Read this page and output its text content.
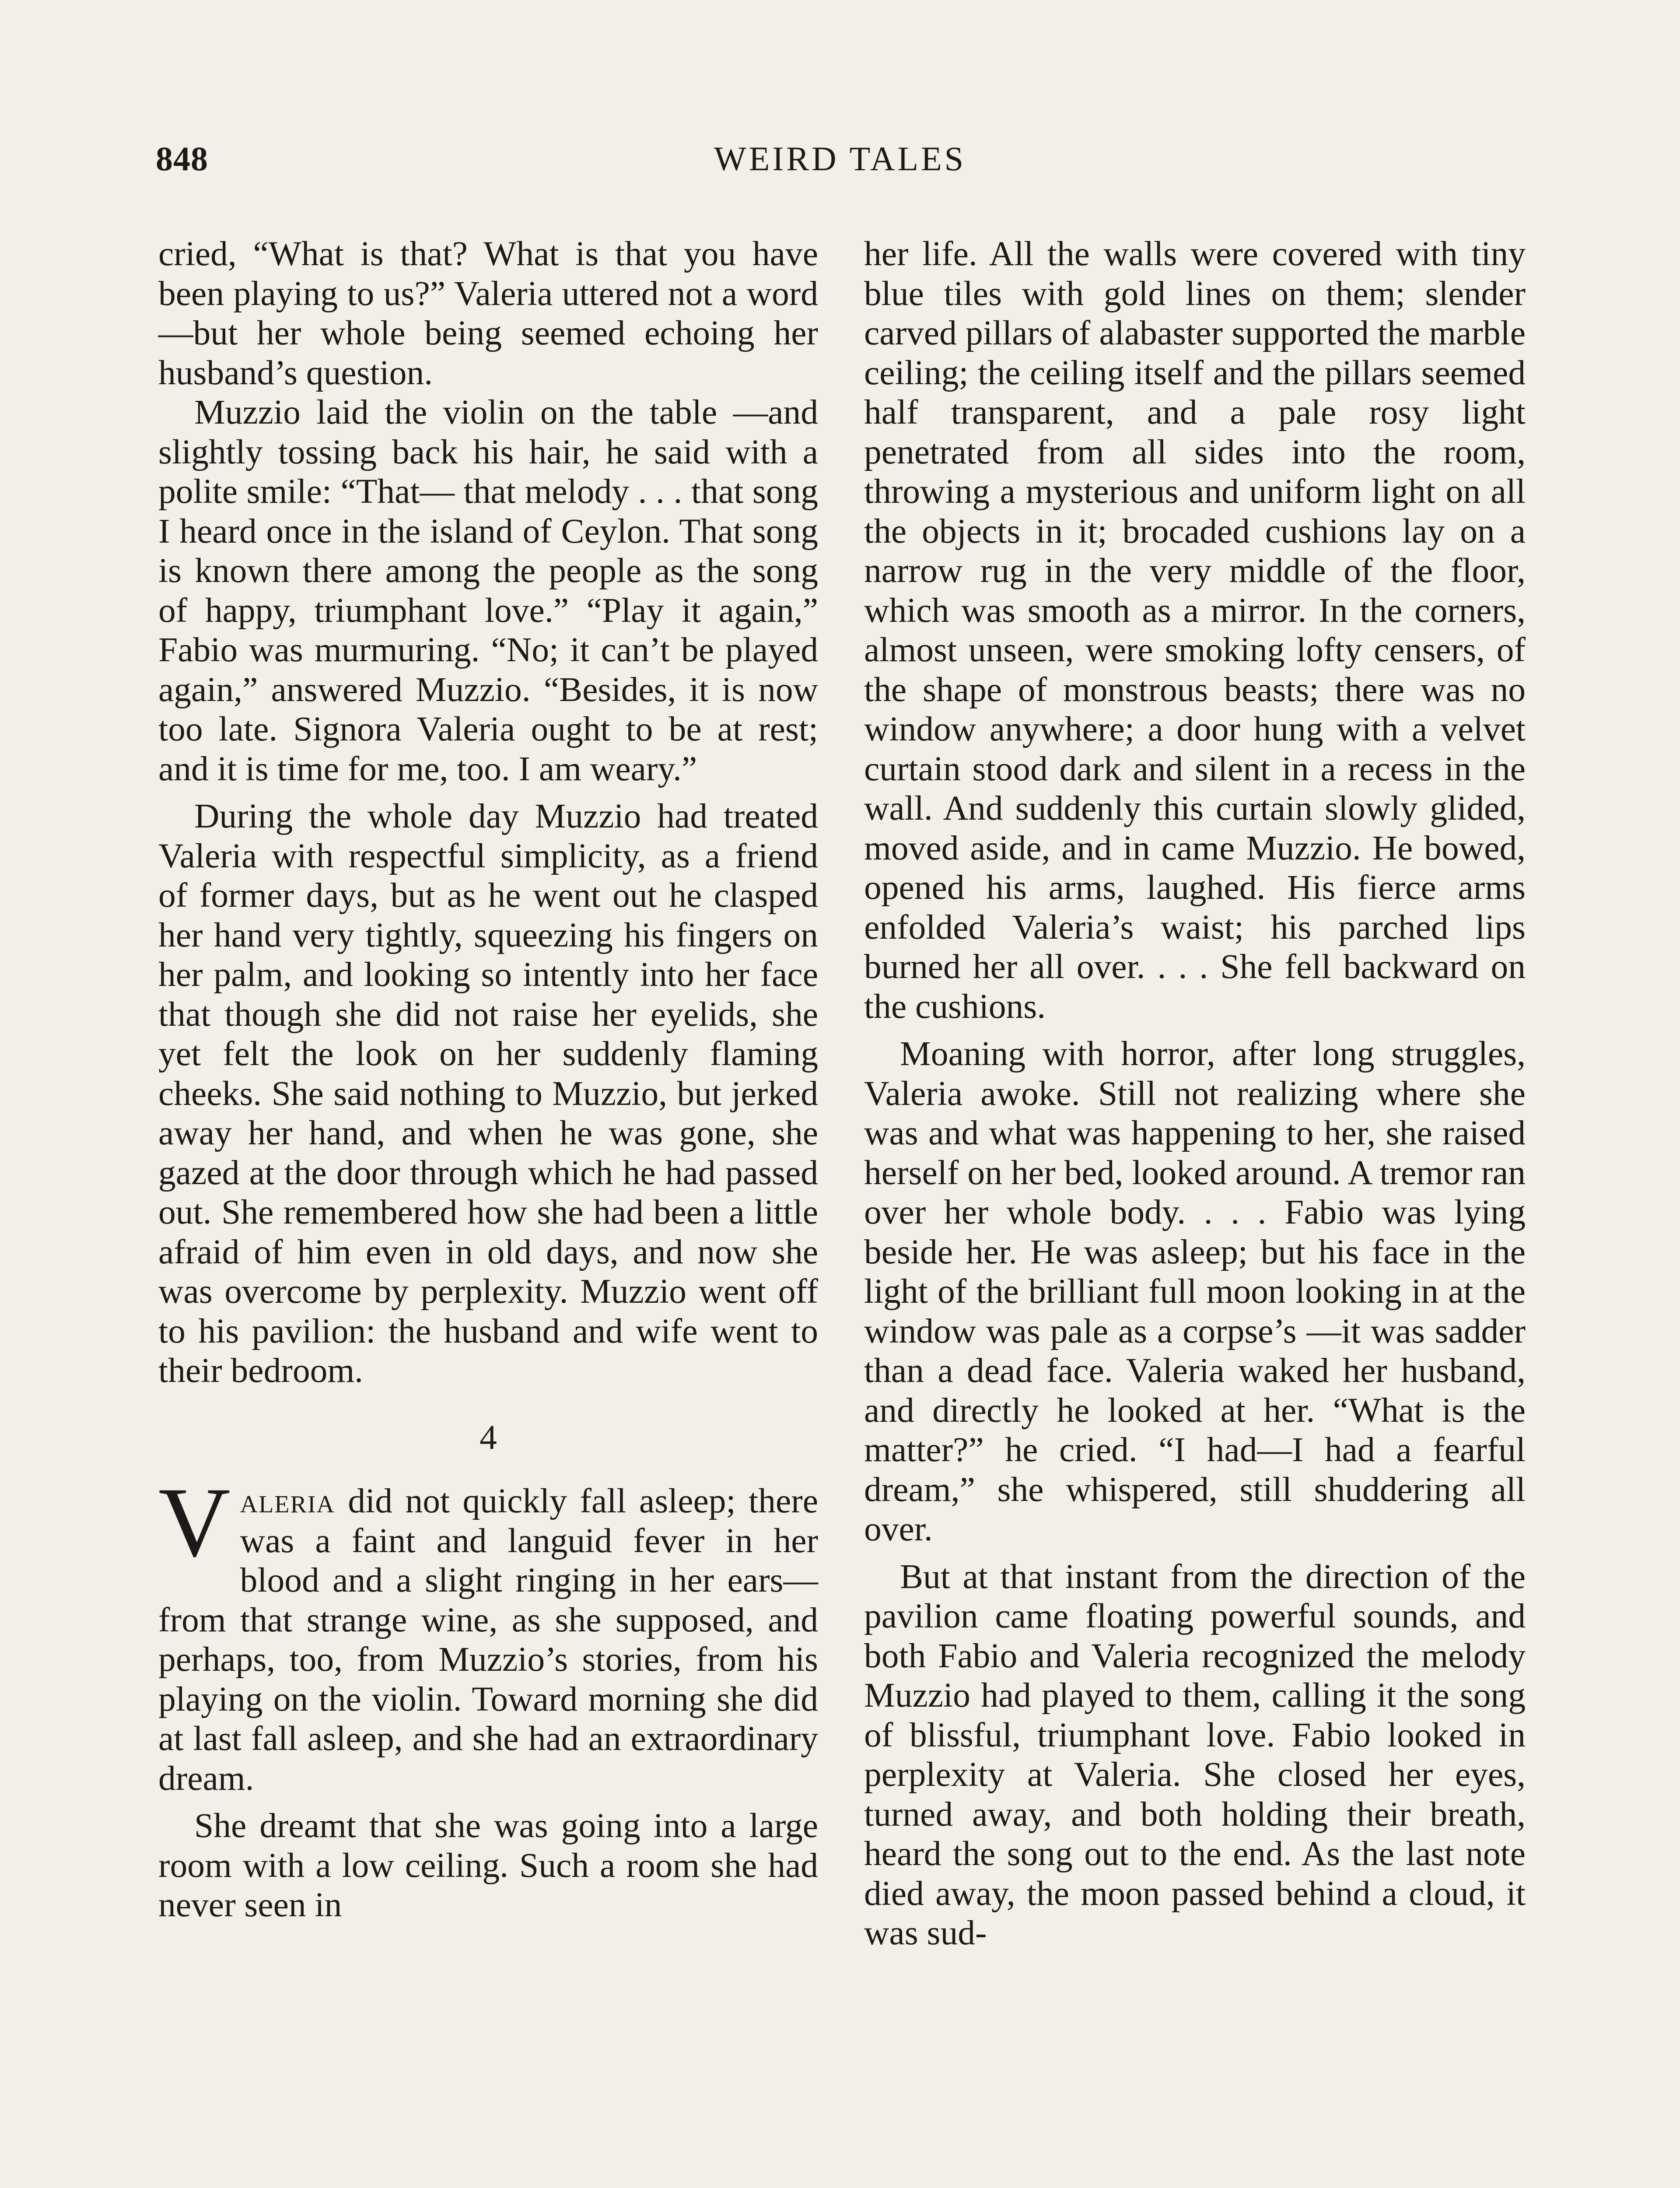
848	WEIRD TALES

cried, “What is that? What is that you have been playing to us?” Valeria uttered not a word—but her whole being seemed echoing her husband’s question.

Muzzio laid the violin on the table —and slightly tossing back his hair, he said with a polite smile: “That— that melody . . . that song I heard once in the island of Ceylon. That song is known there among the people as the song of happy, triumphant love.” “Play it again,” Fabio was murmuring. “No; it can’t be played again,” answered Muzzio. “Besides, it is now too late. Signora Valeria ought to be at rest; and it is time for me, too. I am weary.”

During the whole day Muzzio had treated Valeria with respectful simplicity, as a friend of former days, but as he went out he clasped her hand very tightly, squeezing his fingers on her palm, and looking so intently into her face that though she did not raise her eyelids, she yet felt the look on her suddenly flaming cheeks. She said nothing to Muzzio, but jerked away her hand, and when he was gone, she gazed at the door through which he had passed out. She remembered how she had been a little afraid of him even in old days, and now she was overcome by perplexity. Muzzio went off to his pavilion: the husband and wife went to their bedroom.

4

Valeria did not quickly fall asleep; there was a faint and languid fever in her blood and a slight ringing in her ears—from that strange wine, as she supposed, and perhaps, too, from Muzzio’s stories, from his playing on the violin. Toward morning she did at last fall asleep, and she had an extraordinary dream.

She dreamt that she was going into a large room with a low ceiling. Such a room she had never seen in

her life. All the walls were covered with tiny blue tiles with gold lines on them; slender carved pillars of alabaster supported the marble ceiling; the ceiling itself and the pillars seemed half transparent, and a pale rosy light penetrated from all sides into the room, throwing a mysterious and uniform light on all the objects in it; brocaded cushions lay on a narrow rug in the very middle of the floor, which was smooth as a mirror. In the corners, almost unseen, were smoking lofty censers, of the shape of monstrous beasts; there was no window anywhere; a door hung with a velvet curtain stood dark and silent in a recess in the wall. And suddenly this curtain slowly glided, moved aside, and in came Muzzio. He bowed, opened his arms, laughed. His fierce arms enfolded Valeria’s waist; his parched lips burned her all over. . . . She fell backward on the cushions.

Moaning with horror, after long struggles, Valeria awoke. Still not realizing where she was and what was happening to her, she raised herself on her bed, looked around. A tremor ran over her whole body. . . . Fabio was lying beside her. He was asleep; but his face in the light of the brilliant full moon looking in at the window was pale as a corpse’s —it was sadder than a dead face. Valeria waked her husband, and directly he looked at her. “What is the matter?” he cried. “I had—I had a fearful dream,” she whispered, still shuddering all over.

But at that instant from the direction of the pavilion came floating powerful sounds, and both Fabio and Valeria recognized the melody Muzzio had played to them, calling it the song of blissful, triumphant love. Fabio looked in perplexity at Valeria. She closed her eyes, turned away, and both holding their breath, heard the song out to the end. As the last note died away, the moon passed behind a cloud, it was sud-
